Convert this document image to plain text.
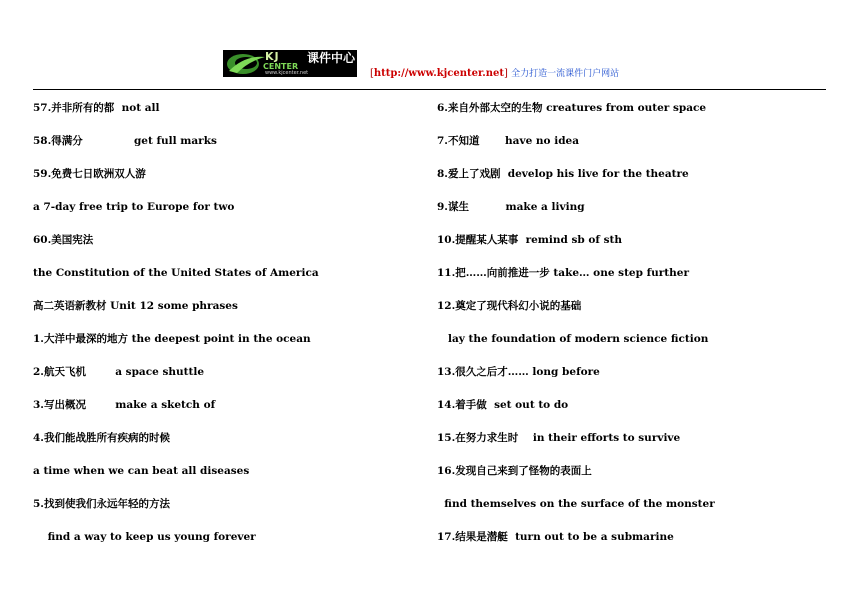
KJ
CENTER
课件中心
www.kjcenter.net	[http://www.kjcenter.net] 全力打造一流课件门户网站
57.并非所有的都  not all
58.得满分              get full marks
59.免费七日欧洲双人游
a 7-day free trip to Europe for two
60.美国宪法
the Constitution of the United States of America
高二英语新教材 Unit 12 some phrases
1.大洋中最深的地方 the deepest point in the ocean
2.航天飞机        a space shuttle
3.写出概况        make a sketch of
4.我们能战胜所有疾病的时候
a time when we can beat all diseases
5.找到使我们永远年轻的方法
find a way to keep us young forever
6.来自外部太空的生物 creatures from outer space
7.不知道       have no idea
8.爱上了戏剧  develop his live for the theatre
9.谋生          make a living
10.提醒某人某事  remind sb of sth
11.把……向前推进一步 take… one step further
12.奠定了现代科幻小说的基础
lay the foundation of modern science fiction
13.很久之后才…… long before
14.着手做  set out to do
15.在努力求生时    in their efforts to survive
16.发现自己来到了怪物的表面上
find themselves on the surface of the monster
17.结果是潜艇  turn out to be a submarine
